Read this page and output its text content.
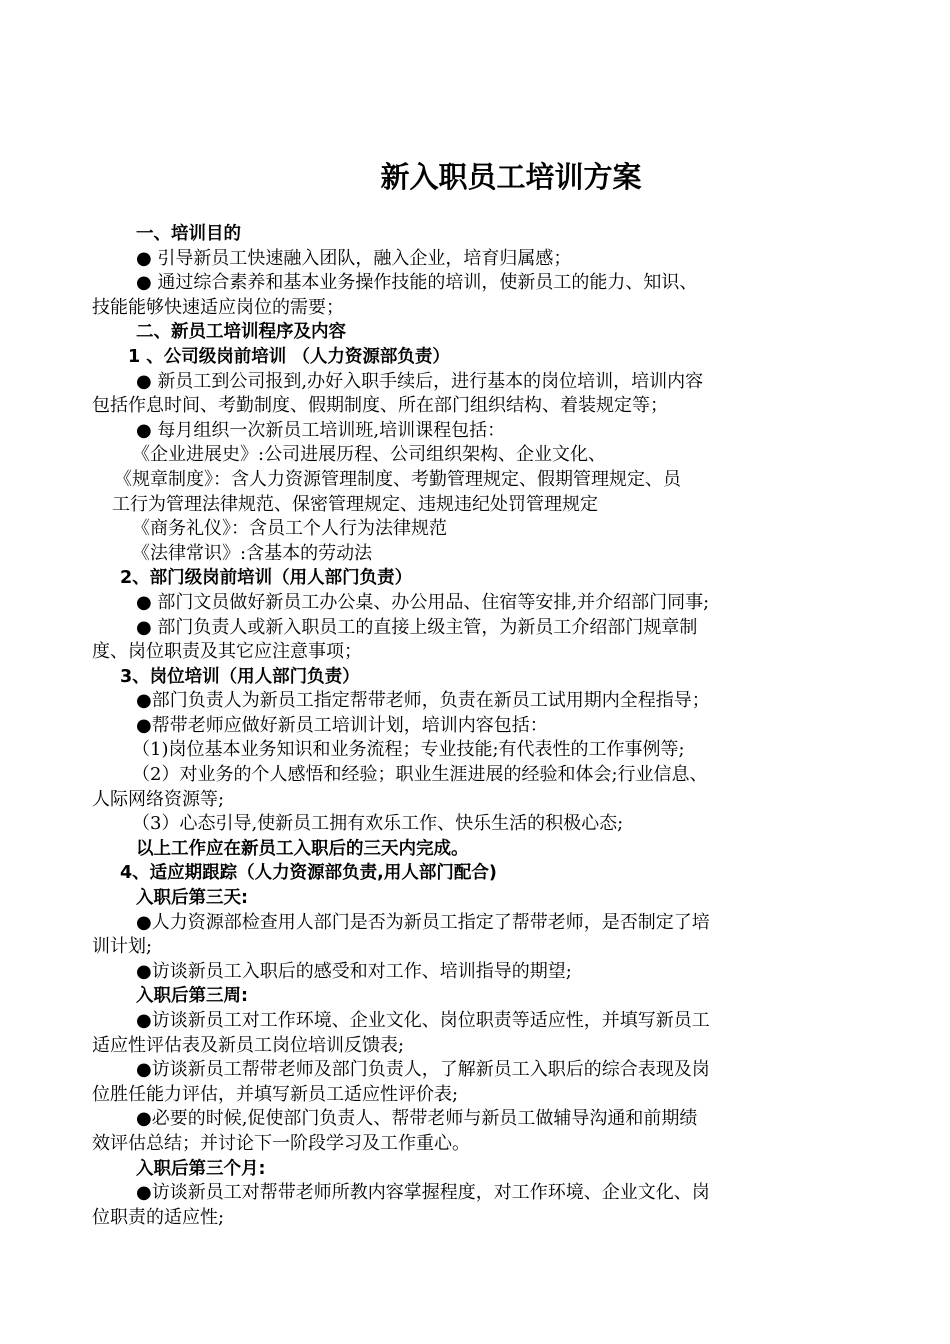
新入职员工培训方案
一、培训目的
● 引导新员工快速融入团队，融入企业，培育归属感；
● 通过综合素养和基本业务操作技能的培训，使新员工的能力、知识、
技能能够快速适应岗位的需要；
二、新员工培训程序及内容
1 、公司级岗前培训 （人力资源部负责）
● 新员工到公司报到,办好入职手续后，进行基本的岗位培训，培训内容
包括作息时间、考勤制度、假期制度、所在部门组织结构、着装规定等；
● 每月组织一次新员工培训班,培训课程包括：
《企业进展史》:公司进展历程、公司组织架构、企业文化、
《规章制度》：含人力资源管理制度、考勤管理规定、假期管理规定、员
工行为管理法律规范、保密管理规定、违规违纪处罚管理规定
《商务礼仪》：含员工个人行为法律规范
《法律常识》:含基本的劳动法
2、部门级岗前培训（用人部门负责）
● 部门文员做好新员工办公桌、办公用品、住宿等安排,并介绍部门同事;
● 部门负责人或新入职员工的直接上级主管，为新员工介绍部门规章制
度、岗位职责及其它应注意事项；
3、岗位培训（用人部门负责）
●部门负责人为新员工指定帮带老师，负责在新员工试用期内全程指导；
●帮带老师应做好新员工培训计划，培训内容包括：
（1)岗位基本业务知识和业务流程；专业技能;有代表性的工作事例等;
（2）对业务的个人感悟和经验；职业生涯进展的经验和体会;行业信息、
人际网络资源等;
（3）心态引导,使新员工拥有欢乐工作、快乐生活的积极心态;
以上工作应在新员工入职后的三天内完成。
4、适应期跟踪（人力资源部负责,用人部门配合)
入职后第三天:
●人力资源部检查用人部门是否为新员工指定了帮带老师，是否制定了培
训计划;
●访谈新员工入职后的感受和对工作、培训指导的期望;
入职后第三周:
●访谈新员工对工作环境、企业文化、岗位职责等适应性，并填写新员工
适应性评估表及新员工岗位培训反馈表;
●访谈新员工帮带老师及部门负责人，了解新员工入职后的综合表现及岗
位胜任能力评估，并填写新员工适应性评价表;
●必要的时候,促使部门负责人、帮带老师与新员工做辅导沟通和前期绩
效评估总结；并讨论下一阶段学习及工作重心。
入职后第三个月:
●访谈新员工对帮带老师所教内容掌握程度，对工作环境、企业文化、岗
位职责的适应性;
